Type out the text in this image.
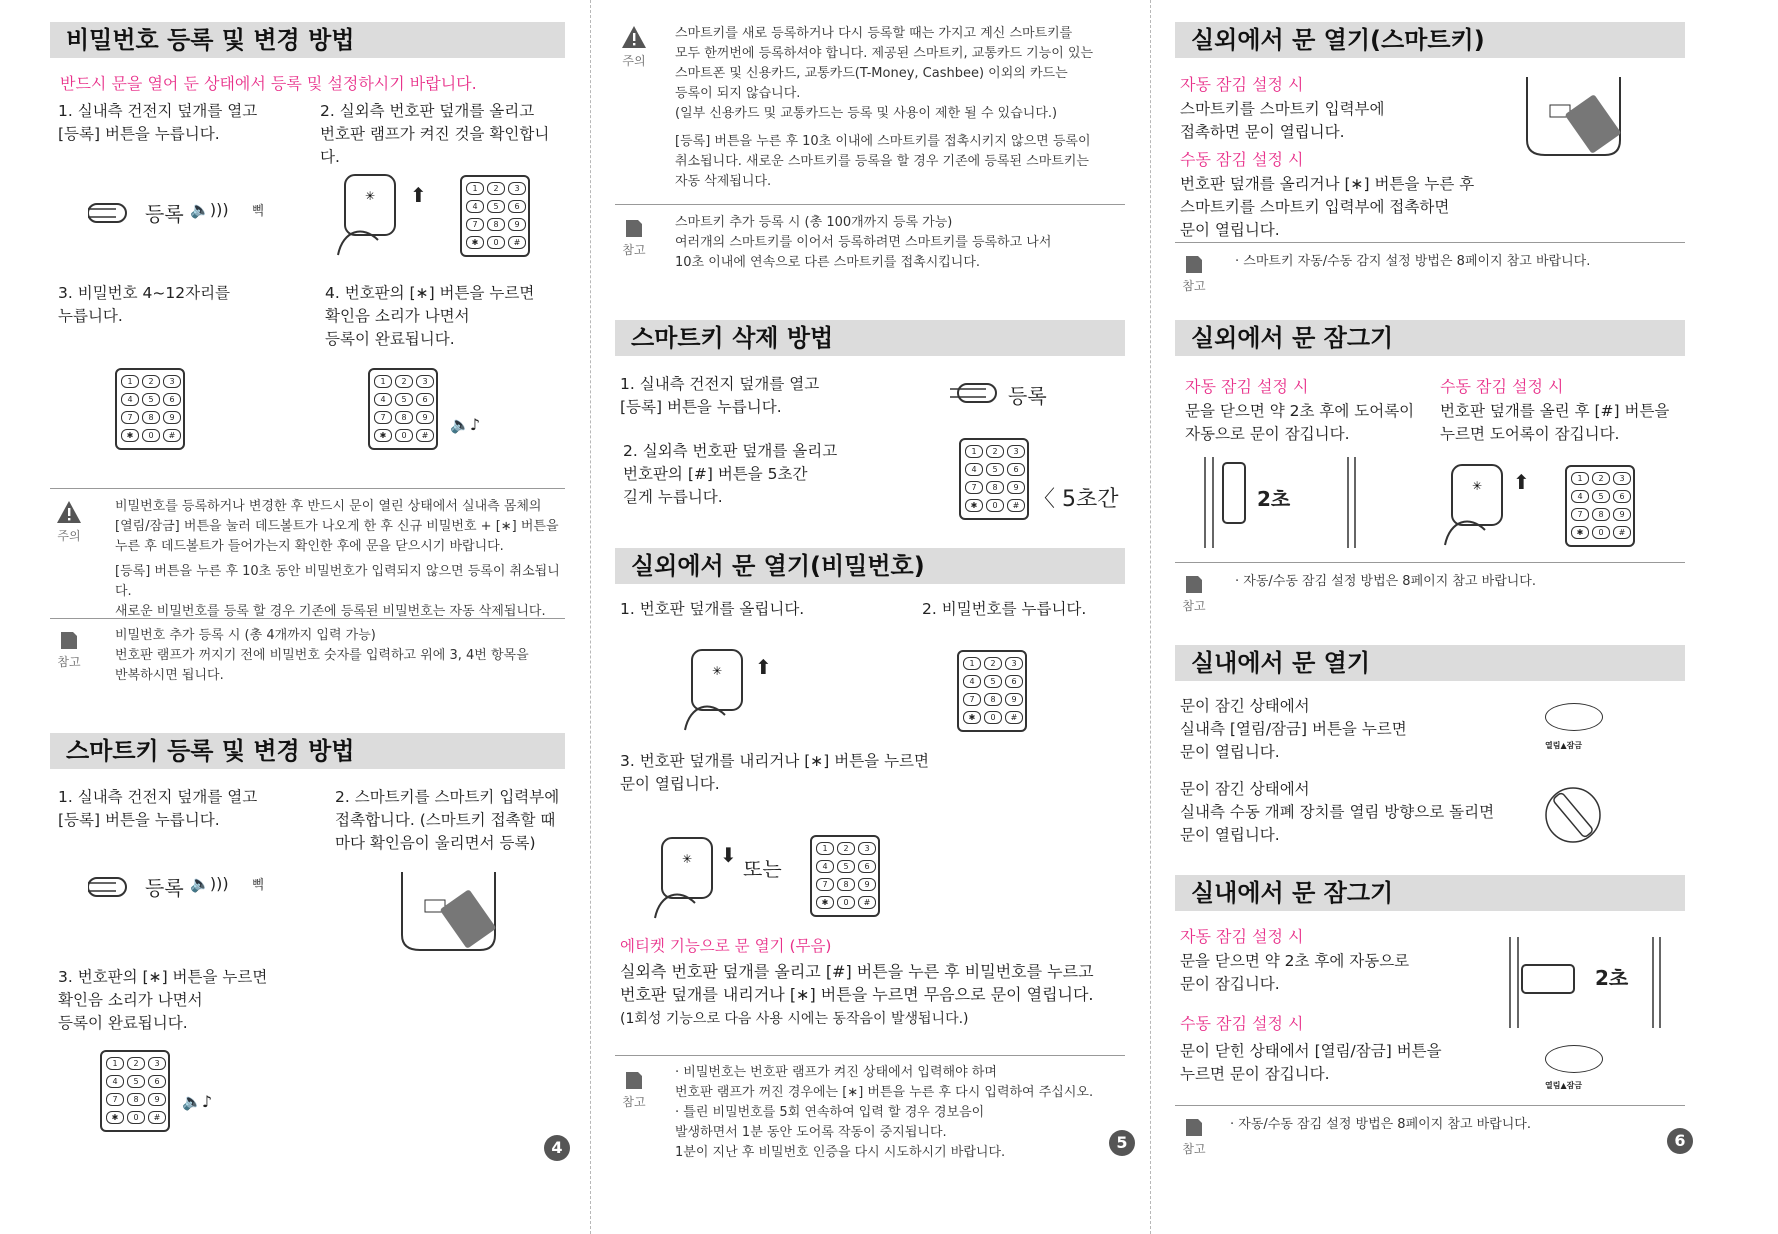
비밀번호 등록 및 변경 방법
반드시 문을 열어 둔 상태에서 등록 및 설정하시기 바랍니다.
1. 실내측 건전지 덮개를 열고
[등록] 버튼을 누릅니다.
2. 실외측 번호판 덮개를 올리고
번호판 램프가 켜진 것을 확인합니다.
등록 🔈))) 삑
✳ ⬆	1	2	3
4	5	6
7	8	9
✱	0	#
3. 비밀번호 4~12자리를
누릅니다.
4. 번호판의 [∗] 버튼을 누르면
확인음 소리가 나면서
등록이 완료됩니다.
1	2	3
4	5	6
7	8	9
✱	0	#
1	2	3
4	5	6
7	8	9
✱	0	#
🔈♪
주의
비밀번호를 등록하거나 변경한 후 반드시 문이 열린 상태에서 실내측 몸체의
[열림/잠금] 버튼을 눌러 데드볼트가 나오게 한 후 신규 비밀번호 + [∗] 버튼을
누른 후 데드볼트가 들어가는지 확인한 후에 문을 닫으시기 바랍니다.
[등록] 버튼을 누른 후 10초 동안 비밀번호가 입력되지 않으면 등록이 취소됩니다.
새로운 비밀번호를 등록 할 경우 기존에 등록된 비밀번호는 자동 삭제됩니다.
참고
비밀번호 추가 등록 시 (총 4개까지 입력 가능)
번호판 램프가 꺼지기 전에 비밀번호 숫자를 입력하고 위에 3, 4번 항목을
반복하시면 됩니다.
스마트키 등록 및 변경 방법
1. 실내측 건전지 덮개를 열고
[등록] 버튼을 누릅니다.
2. 스마트키를 스마트키 입력부에
접촉합니다. (스마트키 접촉할 때
마다 확인음이 울리면서 등록)
등록 🔈))) 삑
3. 번호판의 [∗] 버튼을 누르면
확인음 소리가 나면서
등록이 완료됩니다.
1	2	3
4	5	6
7	8	9
✱	0	#
🔈♪
4
주의
스마트키를 새로 등록하거나 다시 등록할 때는 가지고 계신 스마트키를
모두 한꺼번에 등록하셔야 합니다. 제공된 스마트키, 교통카드 기능이 있는
스마트폰 및 신용카드, 교통카드(T-Money, Cashbee) 이외의 카드는
등록이 되지 않습니다.
(일부 신용카드 및 교통카드는 등록 및 사용이 제한 될 수 있습니다.)
[등록] 버튼을 누른 후 10초 이내에 스마트키를 접촉시키지 않으면 등록이
취소됩니다. 새로운 스마트키를 등록을 할 경우 기존에 등록된 스마트키는
자동 삭제됩니다.
참고
스마트키 추가 등록 시 (총 100개까지 등록 가능)
여러개의 스마트키를 이어서 등록하려면 스마트키를 등록하고 나서
10초 이내에 연속으로 다른 스마트키를 접촉시킵니다.
스마트키 삭제 방법
1. 실내측 건전지 덮개를 열고
[등록] 버튼을 누릅니다.	등록
2. 실외측 번호판 덮개를 올리고
번호판의 [#] 버튼을 5초간
길게 누릅니다.
1	2	3
4	5	6
7	8	9
✱	0	# 〈 5초간
실외에서 문 열기(비밀번호)
1. 번호판 덮개를 올립니다.	2. 비밀번호를 누릅니다.
✳ ⬆	1	2	3
4	5	6
7	8	9
✱	0	#
3. 번호판 덮개를 내리거나 [∗] 버튼을 누르면
문이 열립니다.
✳ ⬇
또는
1	2	3
4	5	6
7	8	9
✱	0	#
에티켓 기능으로 문 열기 (무음)
실외측 번호판 덮개를 올리고 [#] 버튼을 누른 후 비밀번호를 누르고
번호판 덮개를 내리거나 [∗] 버튼을 누르면 무음으로 문이 열립니다.
(1회성 기능으로 다음 사용 시에는 동작음이 발생됩니다.)
참고
· 비밀번호는 번호판 램프가 켜진 상태에서 입력해야 하며
번호판 램프가 꺼진 경우에는 [∗] 버튼을 누른 후 다시 입력하여 주십시오.
· 틀린 비밀번호를 5회 연속하여 입력 할 경우 경보음이
발생하면서 1분 동안 도어록 작동이 중지됩니다.
1분이 지난 후 비밀번호 인증을 다시 시도하시기 바랍니다.
5
실외에서 문 열기(스마트키)
자동 잠김 설정 시
스마트키를 스마트키 입력부에
접촉하면 문이 열립니다.
수동 잠김 설정 시
번호판 덮개를 올리거나 [∗] 버튼을 누른 후
스마트키를 스마트키 입력부에 접촉하면
문이 열립니다.
참고
· 스마트키 자동/수동 감지 설정 방법은 8페이지 참고 바랍니다.
실외에서 문 잠그기
자동 잠김 설정 시
문을 닫으면 약 2초 후에 도어록이
자동으로 문이 잠깁니다.
수동 잠김 설정 시
번호판 덮개를 올린 후 [#] 버튼을
누르면 도어록이 잠깁니다.
2초
✳ ⬆	1	2	3
4	5	6
7	8	9
✱	0	#
참고
· 자동/수동 잠김 설정 방법은 8페이지 참고 바랍니다.
실내에서 문 열기
문이 잠긴 상태에서
실내측 [열림/잠금] 버튼을 누르면
문이 열립니다.	열림▲잠금
문이 잠긴 상태에서
실내측 수동 개폐 장치를 열림 방향으로 돌리면
문이 열립니다.
실내에서 문 잠그기
자동 잠김 설정 시
문을 닫으면 약 2초 후에 자동으로
문이 잠깁니다.	2초
수동 잠김 설정 시
문이 닫힌 상태에서 [열림/잠금] 버튼을
누르면 문이 잠깁니다.
열림▲잠금
참고
· 자동/수동 잠김 설정 방법은 8페이지 참고 바랍니다.
6
